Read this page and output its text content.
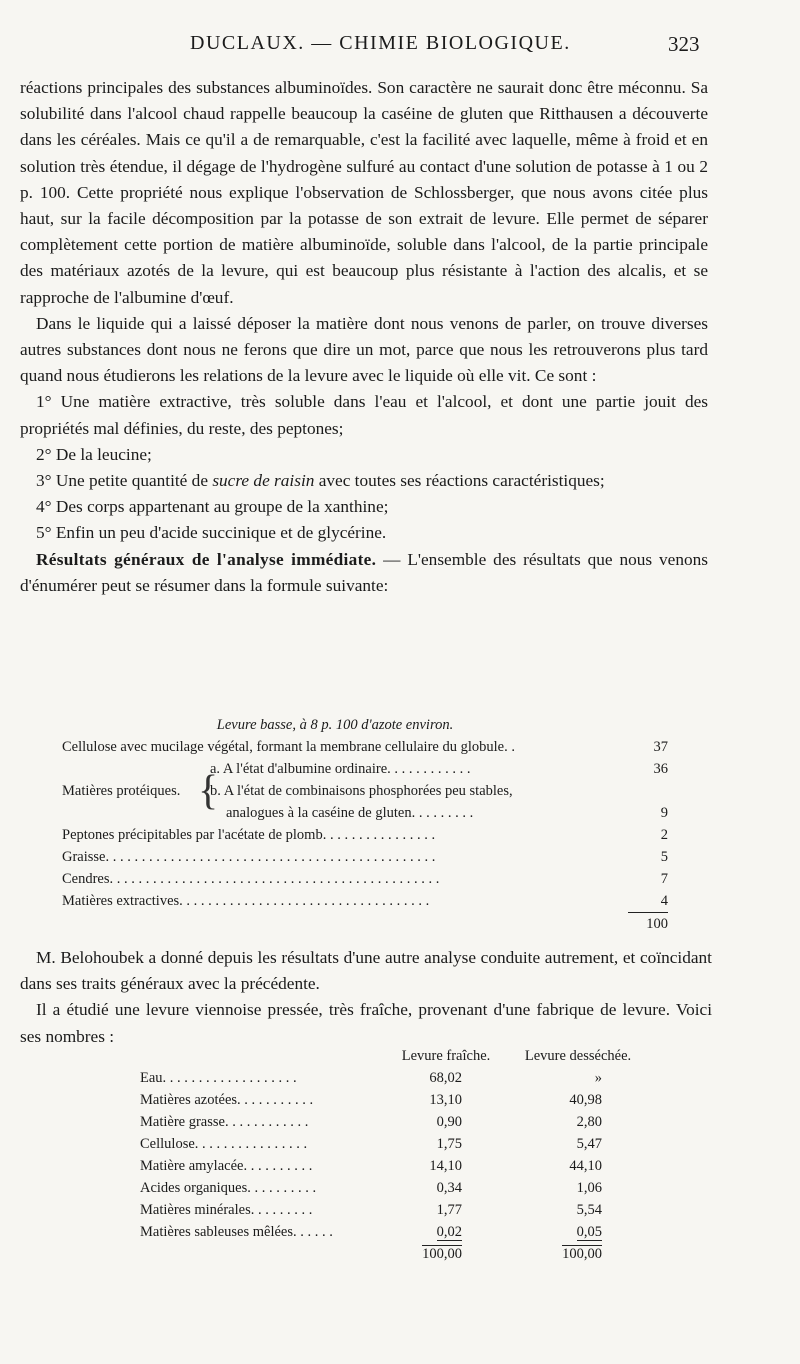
DUCLAUX. — CHIMIE BIOLOGIQUE.	323

réactions principales des substances albuminoïdes. Son caractère ne saurait donc être méconnu. Sa solubilité dans l'alcool chaud rappelle beaucoup la caséine de gluten que Ritthausen a découverte dans les céréales. Mais ce qu'il a de remarquable, c'est la facilité avec laquelle, même à froid et en solution très étendue, il dégage de l'hydrogène sulfuré au contact d'une solution de potasse à 1 ou 2 p. 100. Cette propriété nous explique l'observation de Schlossberger, que nous avons citée plus haut, sur la facile décomposition par la potasse de son extrait de levure. Elle permet de séparer complètement cette portion de matière albuminoïde, soluble dans l'alcool, de la partie principale des matériaux azotés de la levure, qui est beaucoup plus résistante à l'action des alcalis, et se rapproche de l'albumine d'œuf.

Dans le liquide qui a laissé déposer la matière dont nous venons de parler, on trouve diverses autres substances dont nous ne ferons que dire un mot, parce que nous les retrouverons plus tard quand nous étudierons les relations de la levure avec le liquide où elle vit. Ce sont :

1° Une matière extractive, très soluble dans l'eau et l'alcool, et dont une partie jouit des propriétés mal définies, du reste, des peptones;

2° De la leucine;

3° Une petite quantité de sucre de raisin avec toutes ses réactions caractéristiques;

4° Des corps appartenant au groupe de la xanthine;

5° Enfin un peu d'acide succinique et de glycérine.

Résultats généraux de l'analyse immédiate. — L'ensemble des résultats que nous venons d'énumérer peut se résumer dans la formule suivante:

Levure basse, à 8 p. 100 d'azote environ.
Cellulose avec mucilage végétal, formant la membrane cellulaire du globule. .	37
Matières protéiques. {
a. A l'état d'albumine ordinaire. . . . . . . . . . . .	36
b. A l'état de combinaisons phosphorées peu stables,
analogues à la caséine de gluten. . . . . . . . .	9
Peptones précipitables par l'acétate de plomb. . . . . . . . . . . . . . . .	2
Graisse. . . . . . . . . . . . . . . . . . . . . . . . . . . . . . . . . . . . . . . . . . . . . .	5
Cendres. . . . . . . . . . . . . . . . . . . . . . . . . . . . . . . . . . . . . . . . . . . . . .	7
Matières extractives. . . . . . . . . . . . . . . . . . . . . . . . . . . . . . . . . . .	4
100

M. Belohoubek a donné depuis les résultats d'une autre analyse conduite autrement, et coïncidant dans ses traits généraux avec la précédente.

Il a étudié une levure viennoise pressée, très fraîche, provenant d'une fabrique de levure. Voici ses nombres :

Levure fraîche.	Levure desséchée.
Eau. . . . . . . . . . . . . . . . . . .	68,02	»
Matières azotées. . . . . . . . . . .	13,10	40,98
Matière grasse. . . . . . . . . . . .	0,90	2,80
Cellulose. . . . . . . . . . . . . . . .	1,75	5,47
Matière amylacée. . . . . . . . . .	14,10	44,10
Acides organiques. . . . . . . . . .	0,34	1,06
Matières minérales. . . . . . . . .	1,77	5,54
Matières sableuses mêlées. . . . . .	0,02	0,05
100,00	100,00
